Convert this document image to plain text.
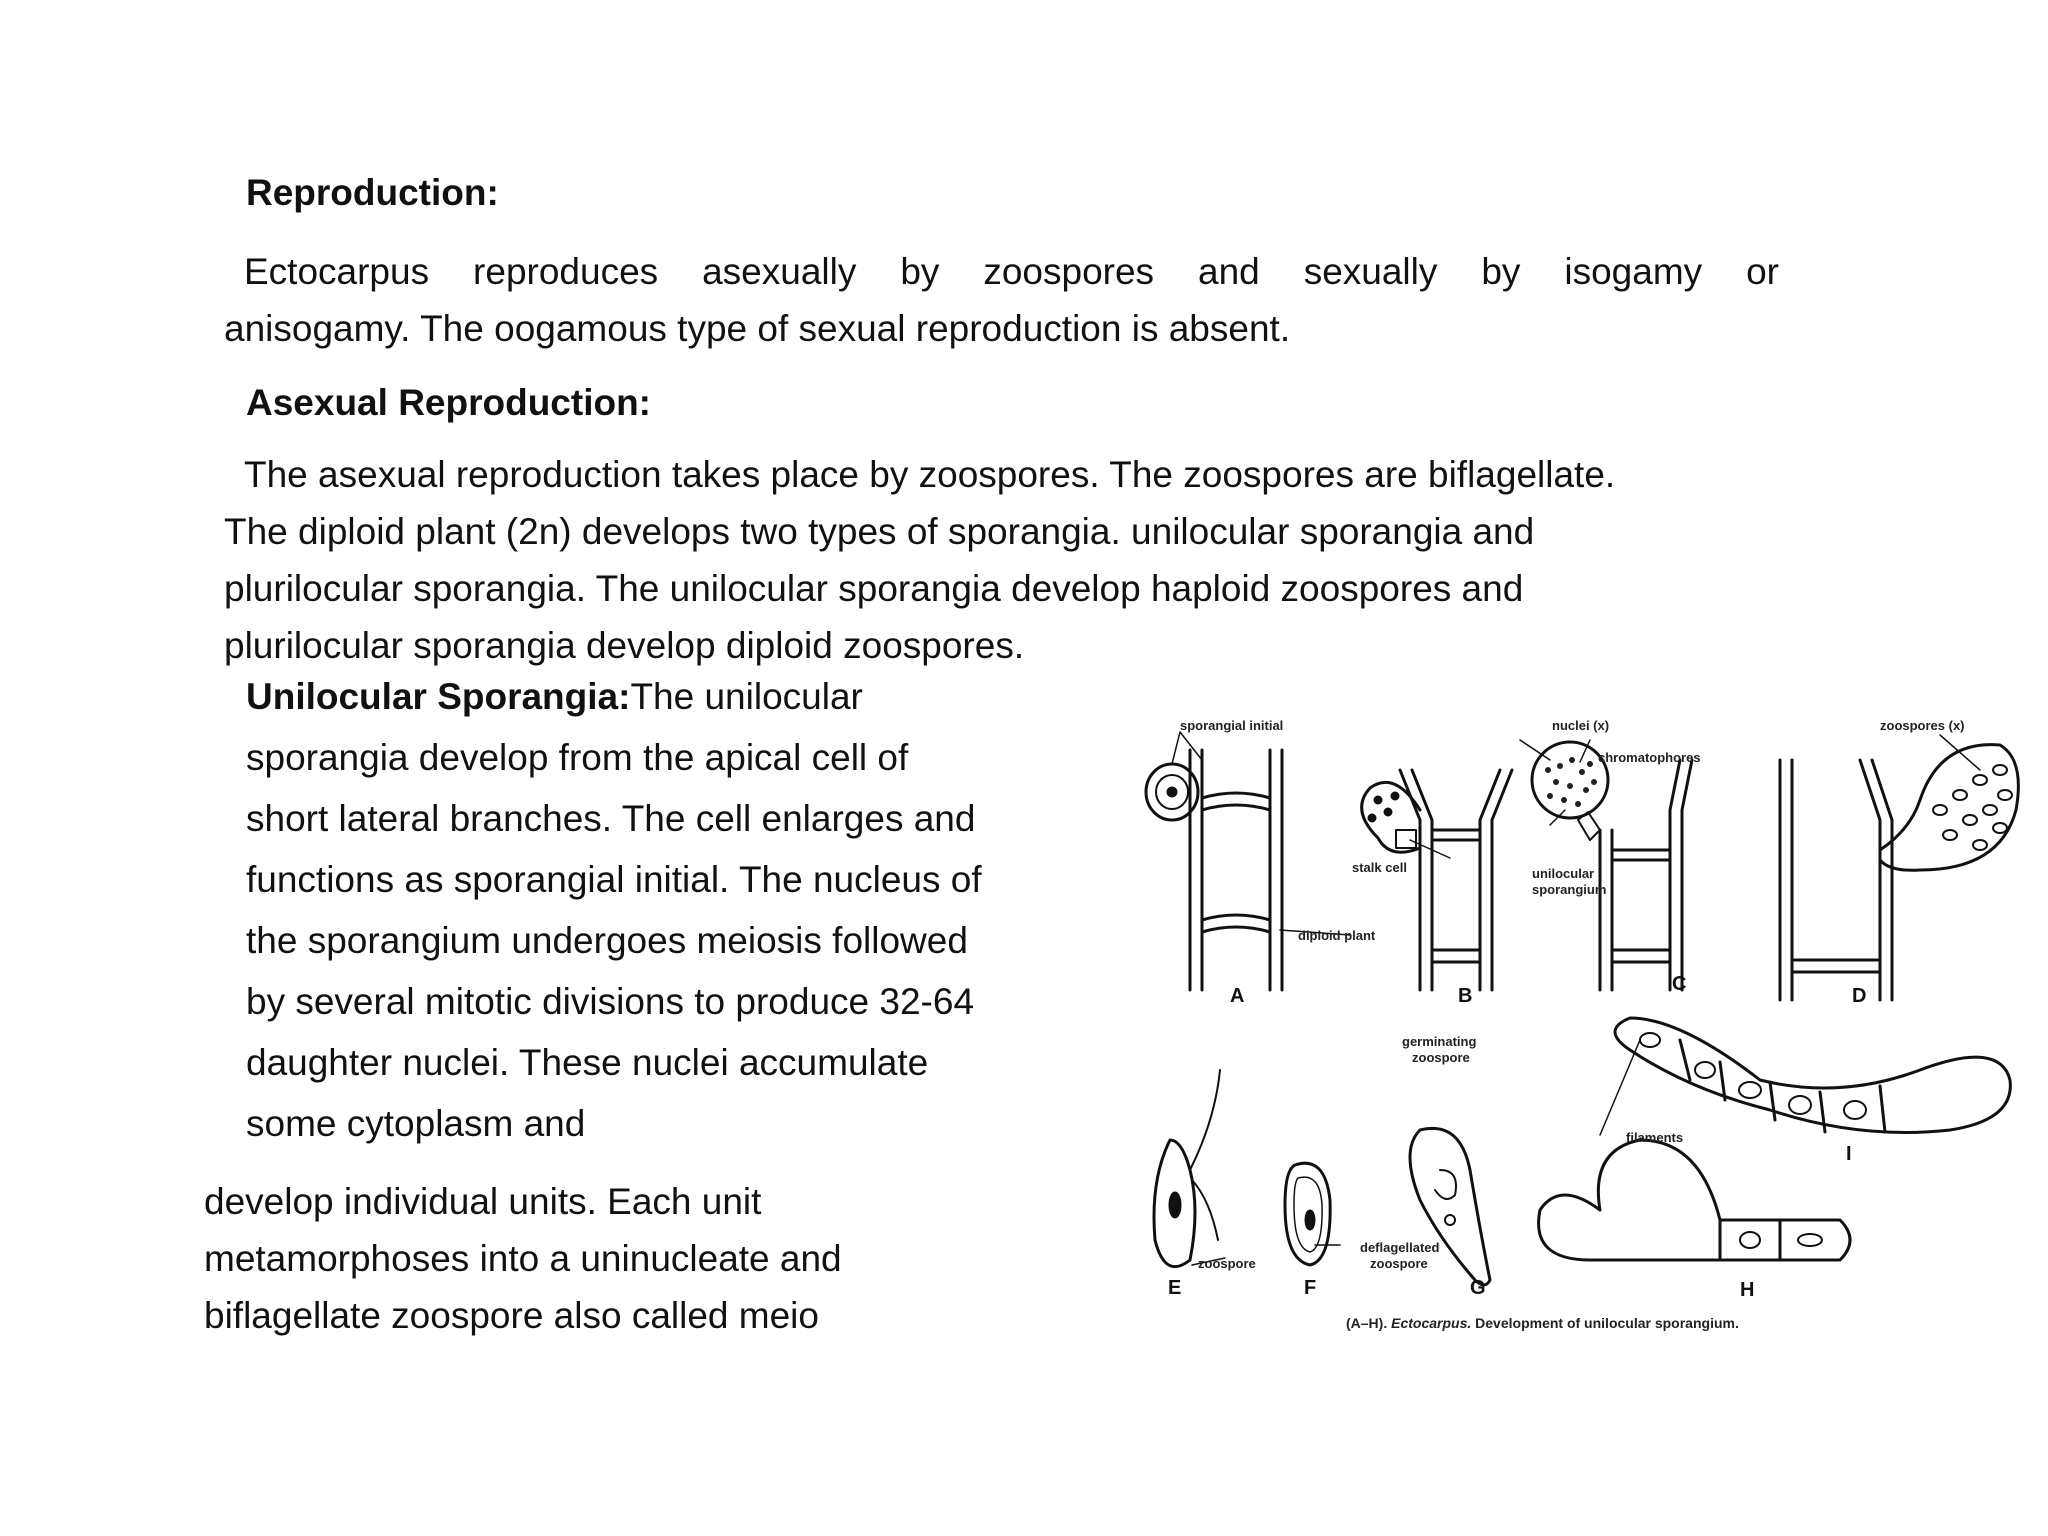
Reproduction:
Ectocarpus reproduces asexually by zoospores and sexually by isogamy or
anisogamy. The oogamous type of sexual reproduction is absent.
Asexual Reproduction:
The asexual reproduction takes place by zoospores. The zoospores are biflagellate.
The diploid plant (2n) develops two types of sporangia. unilocular sporangia and
plurilocular sporangia. The unilocular sporangia develop haploid zoospores and
plurilocular sporangia develop diploid zoospores.
Unilocular Sporangia:The unilocular
sporangia develop from the apical cell of
short lateral branches. The cell enlarges and
functions as sporangial initial. The nucleus of
the sporangium undergoes meiosis followed
by several mitotic divisions to produce 32-64
daughter nuclei. These nuclei accumulate
some cytoplasm and
develop individual units. Each unit
metamorphoses into a uninucleate and
biflagellate zoospore also called meio
sporangial initial	nuclei (x)
chromatophores
zoospores (x)
stalk cell	unilocular
sporangium
diploid plant
germinating
zoospore
filaments
zoospore
deflagellated
zoospore
A	B
C
D
E	F	G	H
I
(A–H). Ectocarpus. Development of unilocular sporangium.
